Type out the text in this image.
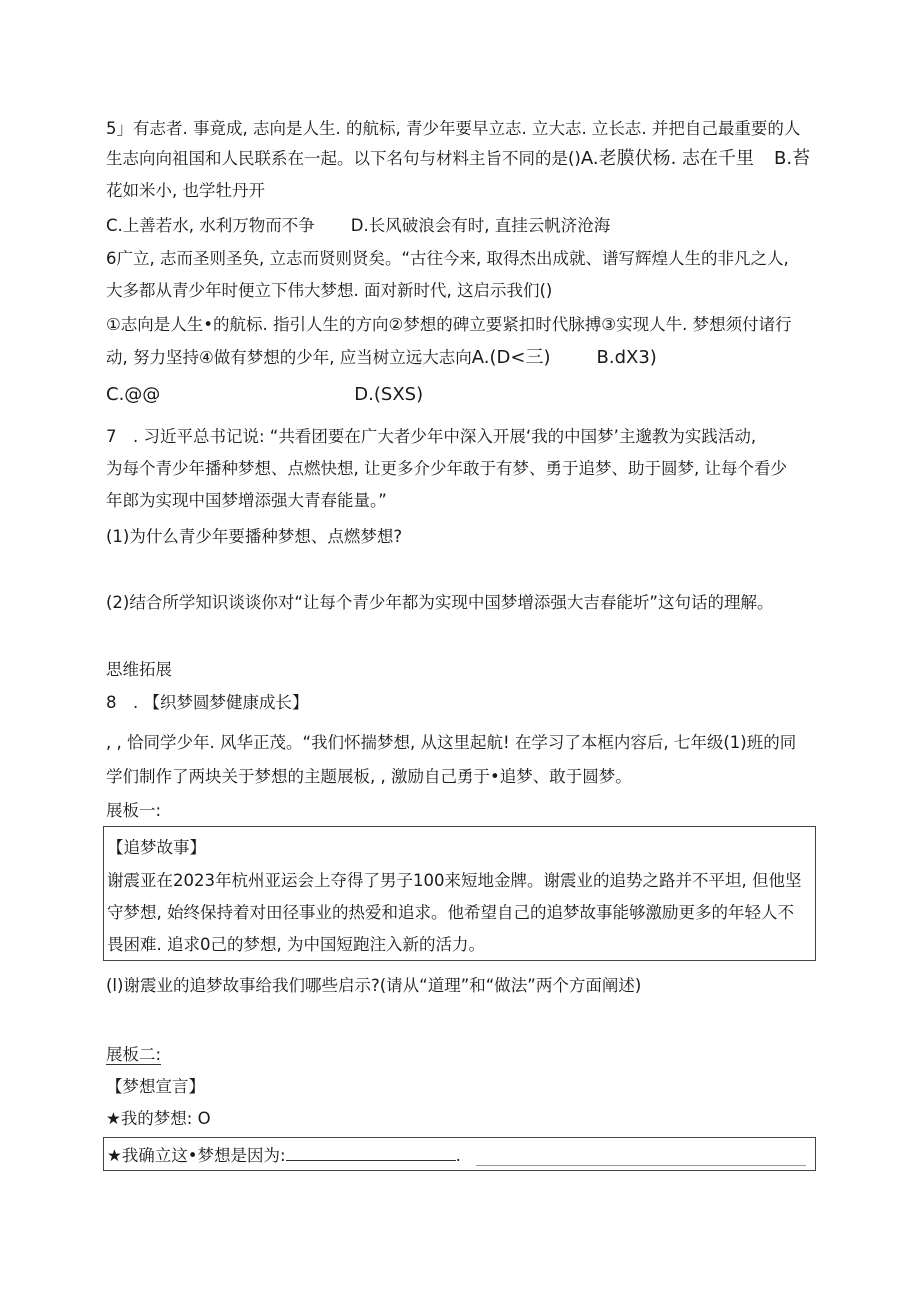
5」有志者. 事竟成, 志向是人生. 的航标, 青少年要早立志. 立大志. 立长志. 并把自己最重要的人
生志向向祖国和人民联系在一起。以下名句与材料主旨不同的是()A.老膜伏杨. 志在千里 B.苔
花如米小, 也学牡丹开
C.上善若水, 水利万物而不争 D.长风破浪会有时, 直挂云帆济沧海
6广立, 志而圣则圣奂, 立志而贤则贤矣。“古往今来, 取得杰出成就、谱写辉煌人生的非凡之人,
大多都从青少年时便立下伟大梦想. 面对新时代, 这启示我们()
①志向是人生•的航标. 指引人生的方向②梦想的碑立要紧扣时代脉搏③实现人牛. 梦想须付诸行
动, 努力坚持④做有梦想的少年, 应当树立远大志向A.(D<三)	B.dX3)
C.@@	D.(SXS)
7　. 习近平总书记说: “共看团要在广大者少年中深入开展‘我的中国梦’主邈教为实践活动,
为每个青少年播种梦想、点燃快想, 让更多介少年敢于有梦、勇于追梦、助于圆梦, 让每个看少
年郎为实现中国梦增添强大青春能量。”
(1)为什么青少年要播种梦想、点燃梦想?
(2)结合所学知识谈谈你对“让每个青少年都为实现中国梦增添强大吉春能圻”这句话的理解。
思维拓展
8　. 【织梦圆梦健康成长】
, , 恰同学少年. 风华正茂。“我们怀揣梦想, 从这里起航! 在学习了本框内容后, 七年级(1)班的同
学们制作了两块关于梦想的主题展板, , 激励自己勇于•追梦、敢于圆梦。
展板一:
【追梦故事】
谢震亚在2023年杭州亚运会上夺得了男子100来短地金牌。谢震业的追势之路并不平坦, 但他坚
守梦想, 始终保持着对田径事业的热爱和追求。他希望自己的追梦故事能够激励更多的年轻人不
畏困难. 追求0己的梦想, 为中国短跑注入新的活力。
(l)谢震业的追梦故事给我们哪些启示?(请从“道理”和“做法”两个方面阐述)
展板二:
【梦想宣言】
★我的梦想: O
★我确立这•梦想是因为:	.
